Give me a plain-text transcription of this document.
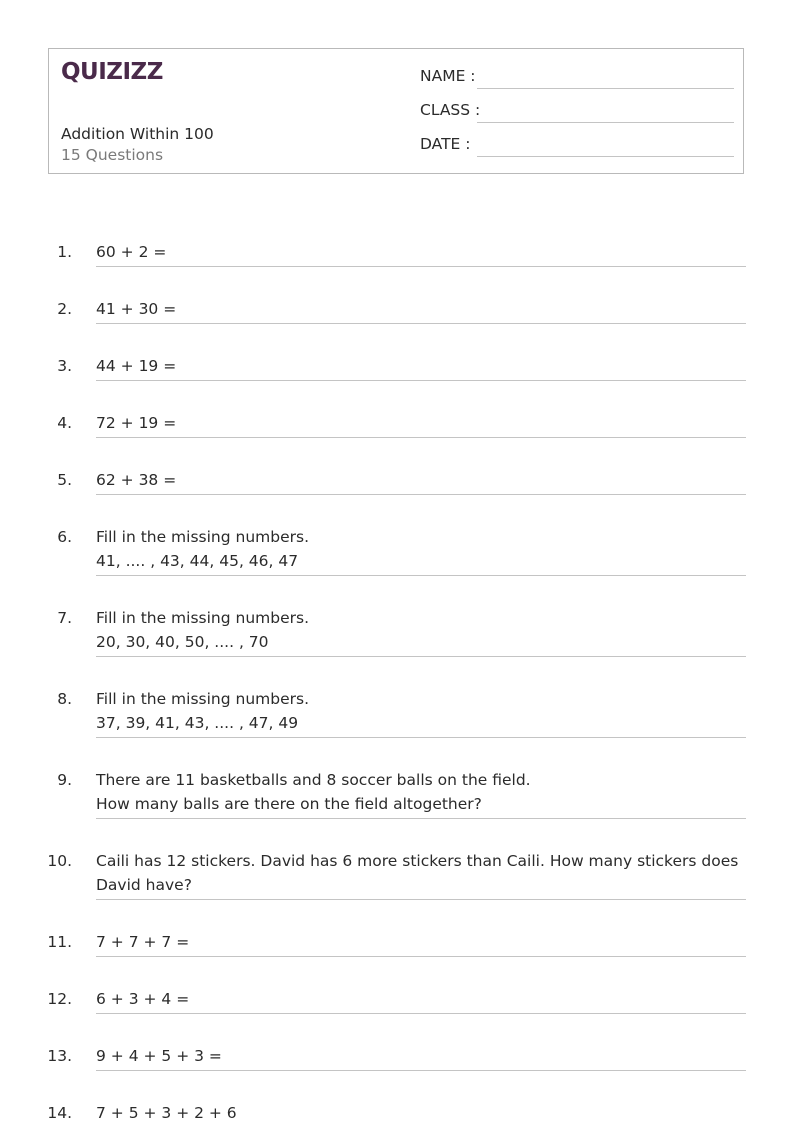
QUIZIZZ
Addition Within 100
15 Questions
NAME :
CLASS :
DATE :
1. 60 + 2 =
2. 41 + 30 =
3. 44 + 19 =
4. 72 + 19 =
5. 62 + 38 =
6. Fill in the missing numbers.
41, .... , 43, 44, 45, 46, 47
7. Fill in the missing numbers.
20, 30, 40, 50, .... , 70
8. Fill in the missing numbers.
37, 39, 41, 43, .... , 47, 49
9. There are 11 basketballs and 8 soccer balls on the field.
How many balls are there on the field altogether?
10. Caili has 12 stickers. David has 6 more stickers than Caili. How many stickers does David have?
11. 7 + 7 + 7 =
12. 6 + 3 + 4 =
13. 9 + 4 + 5 + 3 =
14. 7 + 5 + 3 + 2 + 6
